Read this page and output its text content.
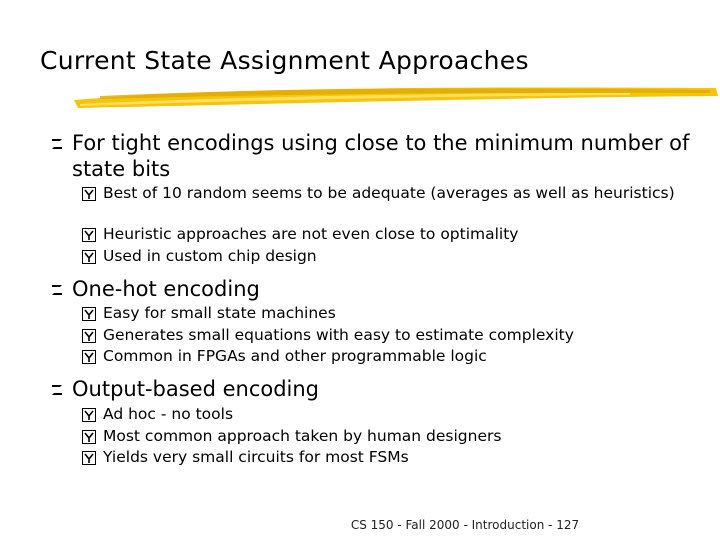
Current State Assignment Approaches
For tight encodings using close to the minimum number of state bits
Best of 10 random seems to be adequate (averages as well as heuristics)
Heuristic approaches are not even close to optimality
Used in custom chip design
One-hot encoding
Easy for small state machines
Generates small equations with easy to estimate complexity
Common in FPGAs and other programmable logic
Output-based encoding
Ad hoc - no tools
Most common approach taken by human designers
Yields very small circuits for most FSMs
CS 150 - Fall 2000 - Introduction - 127
